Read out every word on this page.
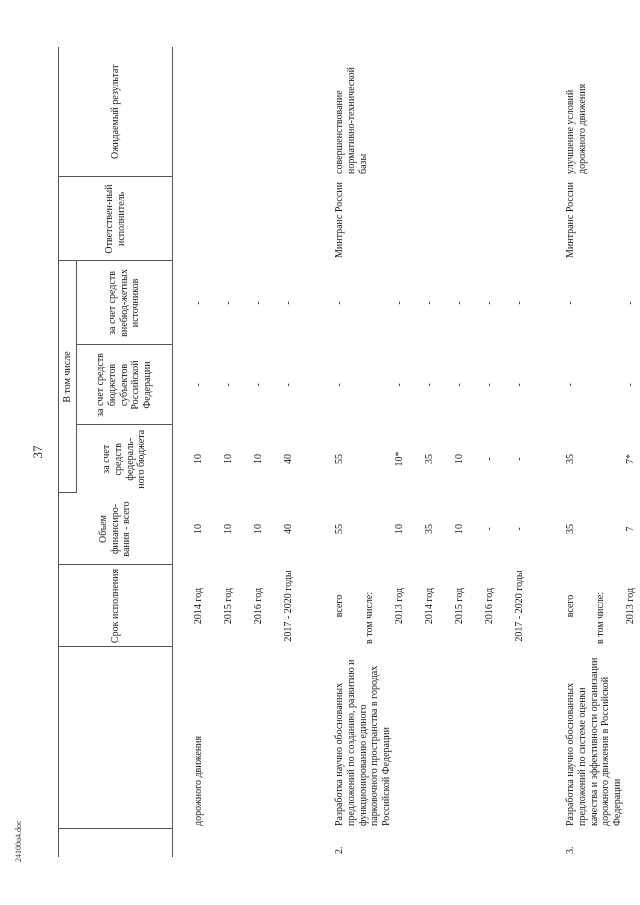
37
		Срок исполнения	Объем финансиро-вания - всего	В том числе			Ответствен-ный исполнитель	Ожидаемый результат
				за счет средств федераль-ного бюджета	за счет средств бюджетов субъектов Российской Федерации	за счет средств внебюд-жетных источников		

	дорожного движения	2014 год	10	10	-	-		
		2015 год	10	10	-	-		
		2016 год	10	10	-	-		
		2017 - 2020 годы	40	40	-	-		

2.	Разработка научно обоснованных предложений по созданию, развитию и функционированию единого парковочного пространства в городах Российской Федерации	всего	55	55	-	-	Минтранс России	совершенствование нормативно-технической базы
		в том числе:						
		2013 год	10	10*	-	-		
		2014 год	35	35	-	-		
		2015 год	10	10	-	-		
		2016 год	-	-	-	-		
		2017 - 2020 годы	-	-	-	-		

3.	Разработка научно обоснованных предложений по системе оценки качества и эффективности организации дорожного движения в Российской Федерации	всего	35	35	-	-	Минтранс России	улучшение условий дорожного движения
		в том числе:						
		2013 год	7	7*	-	-		
24100о4.doc
